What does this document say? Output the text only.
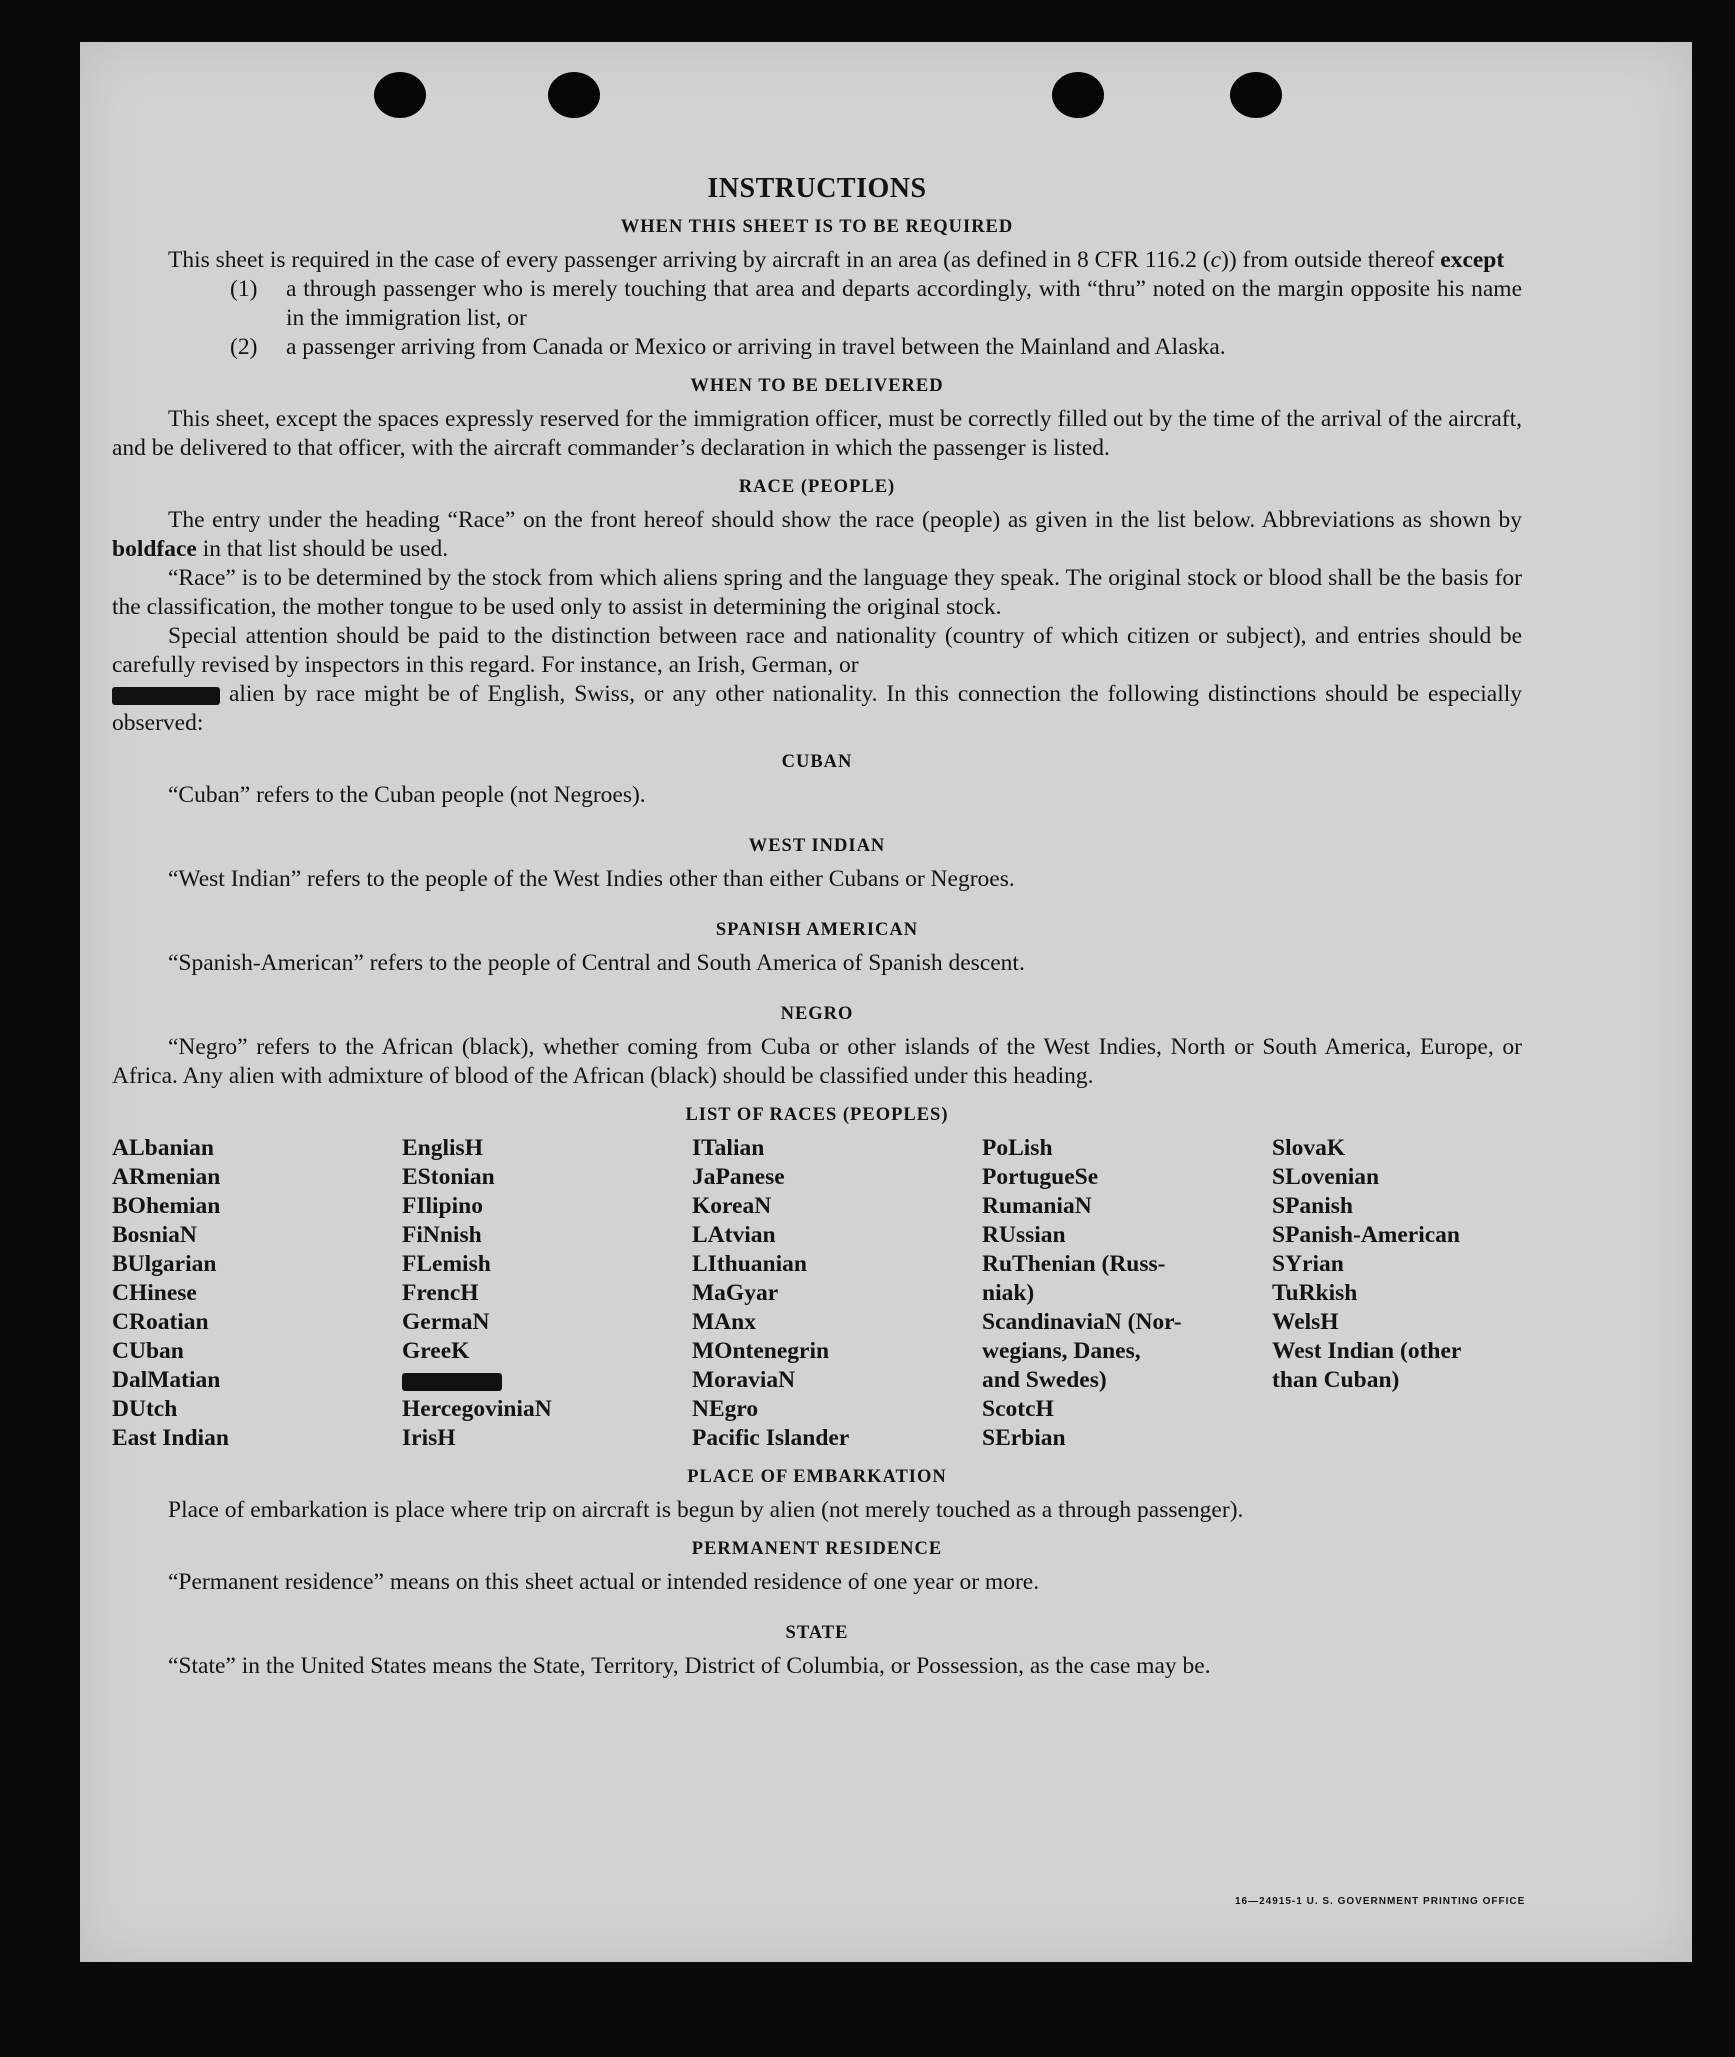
INSTRUCTIONS
WHEN THIS SHEET IS TO BE REQUIRED

This sheet is required in the case of every passenger arriving by aircraft in an area (as defined in 8 CFR 116.2 (c)) from outside thereof except

(1)	a through passenger who is merely touching that area and departs accordingly, with “thru” noted on the margin opposite his name in the immigration list, or
(2)	a passenger arriving from Canada or Mexico or arriving in travel between the Mainland and Alaska.
WHEN TO BE DELIVERED

This sheet, except the spaces expressly reserved for the immigration officer, must be correctly filled out by the time of the arrival of the aircraft, and be delivered to that officer, with the aircraft commander’s declaration in which the passenger is listed.

RACE (PEOPLE)

The entry under the heading “Race” on the front hereof should show the race (people) as given in the list below. Abbreviations as shown by boldface in that list should be used.

“Race” is to be determined by the stock from which aliens spring and the language they speak. The original stock or blood shall be the basis for the classification, the mother tongue to be used only to assist in determining the original stock.

Special attention should be paid to the distinction between race and nationality (country of which citizen or subject), and entries should be carefully revised by inspectors in this regard. For instance, an Irish, German, or
alien by race might be of English, Swiss, or any other nationality. In this connection the following distinctions should be especially observed:

CUBAN

“Cuban” refers to the Cuban people (not Negroes).

WEST INDIAN

“West Indian” refers to the people of the West Indies other than either Cubans or Negroes.

SPANISH AMERICAN

“Spanish-American” refers to the people of Central and South America of Spanish descent.

NEGRO

“Negro” refers to the African (black), whether coming from Cuba or other islands of the West Indies, North or South America, Europe, or Africa. Any alien with admixture of blood of the African (black) should be classified under this heading.

LIST OF RACES (PEOPLES)
ALbanian
ARmenian
BOhemian
BosniaN
BUlgarian
CHinese
CRoatian
CUban
DalMatian
DUtch
East Indian
EnglisH
EStonian
FIlipino
FiNnish
FLemish
FrencH
GermaN
GreeK
HercegoviniaN
IrisH
ITalian
JaPanese
KoreaN
LAtvian
LIthuanian
MaGyar
MAnx
MOntenegrin
MoraviaN
NEgro
Pacific Islander
PoLish
PortugueSe
RumaniaN
RUssian
RuThenian (Russ-
niak)
ScandinaviaN (Nor-
wegians, Danes,
and Swedes)
ScotcH
SErbian
SlovaK
SLovenian
SPanish
SPanish-American
SYrian
TuRkish
WelsH
West Indian (other
than Cuban)
PLACE OF EMBARKATION

Place of embarkation is place where trip on aircraft is begun by alien (not merely touched as a through passenger).

PERMANENT RESIDENCE

“Permanent residence” means on this sheet actual or intended residence of one year or more.

STATE

“State” in the United States means the State, Territory, District of Columbia, or Possession, as the case may be.

16—24915-1 U. S. GOVERNMENT PRINTING OFFICE
